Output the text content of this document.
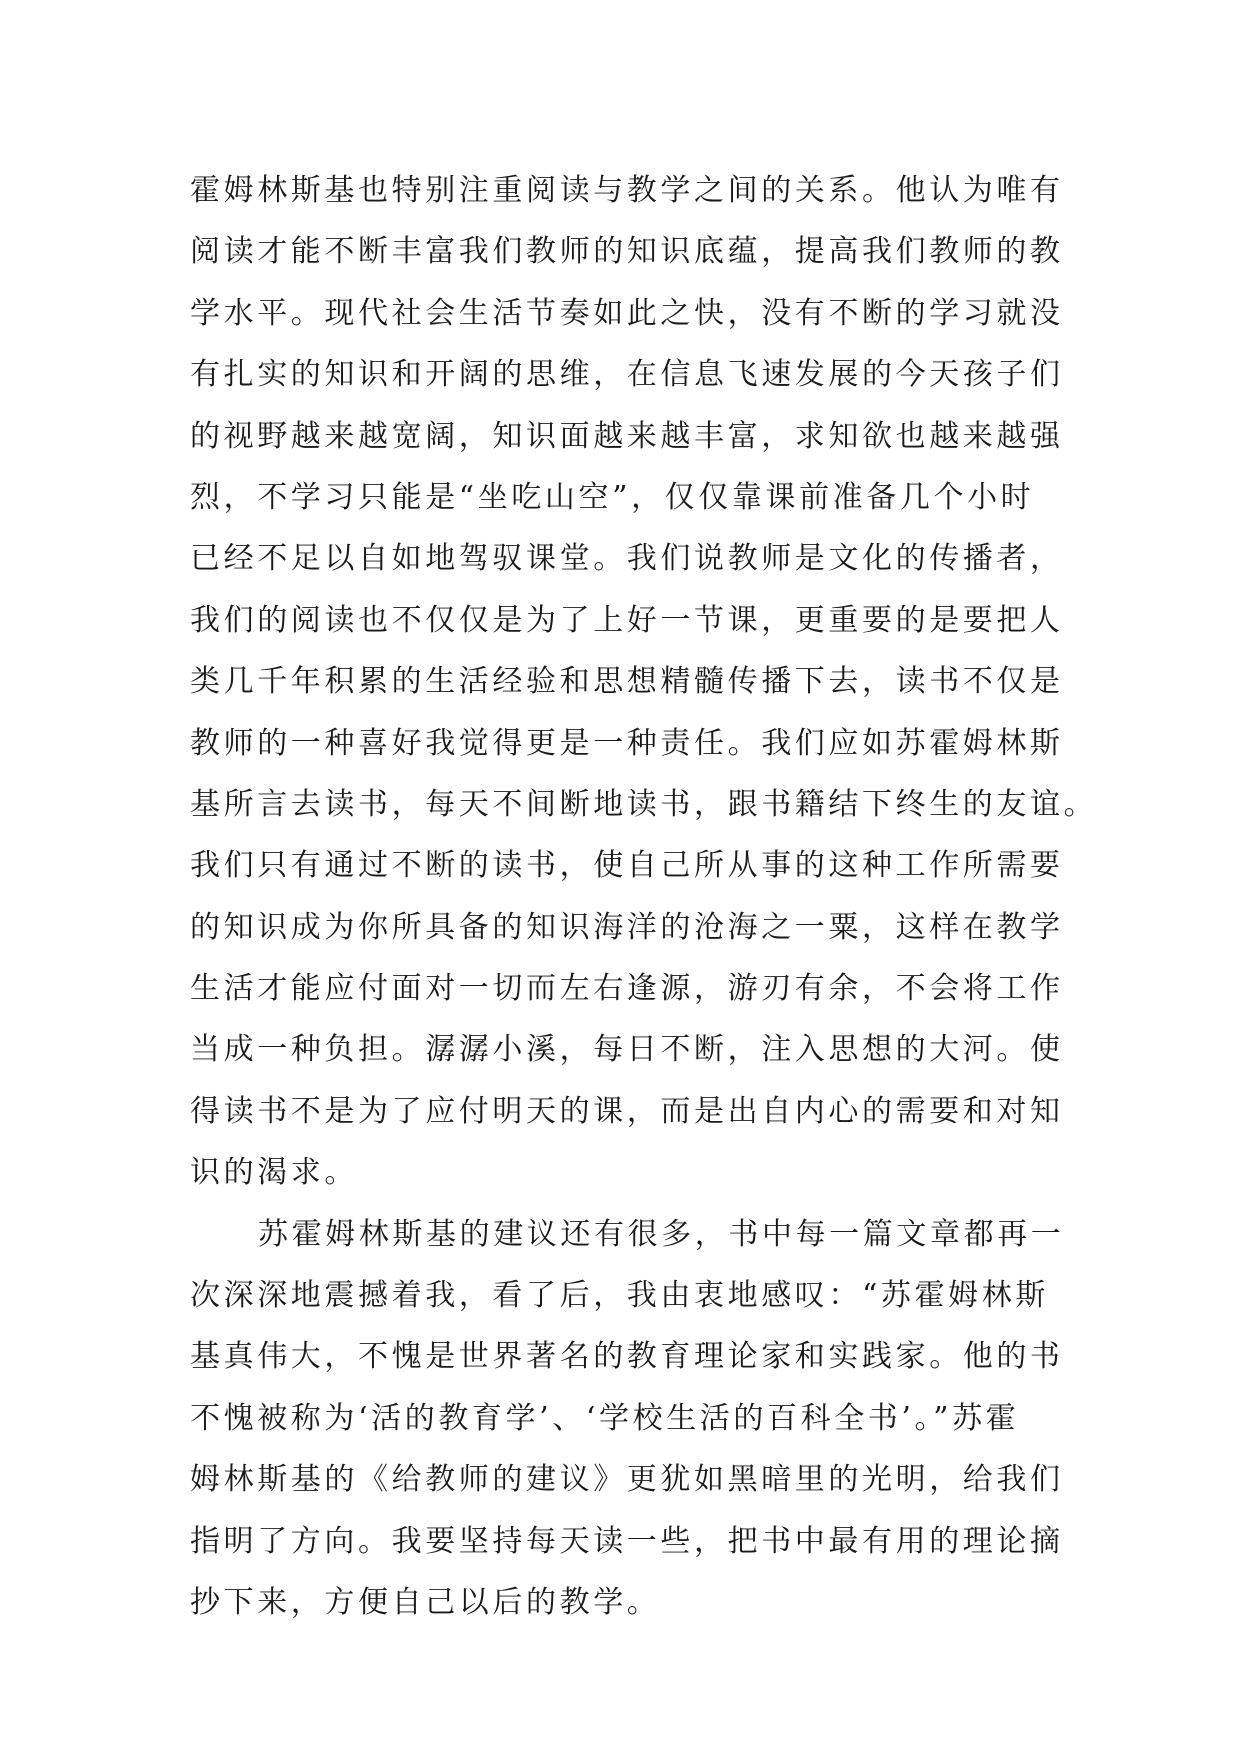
霍姆林斯基也特别注重阅读与教学之间的关系。他认为唯有
阅读才能不断丰富我们教师的知识底蕴，提高我们教师的教
学水平。现代社会生活节奏如此之快，没有不断的学习就没
有扎实的知识和开阔的思维，在信息飞速发展的今天孩子们
的视野越来越宽阔，知识面越来越丰富，求知欲也越来越强
烈，不学习只能是“坐吃山空”，仅仅靠课前准备几个小时
已经不足以自如地驾驭课堂。我们说教师是文化的传播者，
我们的阅读也不仅仅是为了上好一节课，更重要的是要把人
类几千年积累的生活经验和思想精髓传播下去，读书不仅是
教师的一种喜好我觉得更是一种责任。我们应如苏霍姆林斯
基所言去读书，每天不间断地读书，跟书籍结下终生的友谊。
我们只有通过不断的读书，使自己所从事的这种工作所需要
的知识成为你所具备的知识海洋的沧海之一粟，这样在教学
生活才能应付面对一切而左右逢源，游刃有余，不会将工作
当成一种负担。潺潺小溪，每日不断，注入思想的大河。使
得读书不是为了应付明天的课，而是出自内心的需要和对知
识的渴求。
苏霍姆林斯基的建议还有很多，书中每一篇文章都再一
次深深地震撼着我，看了后，我由衷地感叹：“苏霍姆林斯
基真伟大，不愧是世界著名的教育理论家和实践家。他的书
不愧被称为‘活的教育学’、‘学校生活的百科全书’。”苏霍
姆林斯基的《给教师的建议》更犹如黑暗里的光明，给我们
指明了方向。我要坚持每天读一些，把书中最有用的理论摘
抄下来，方便自己以后的教学。
